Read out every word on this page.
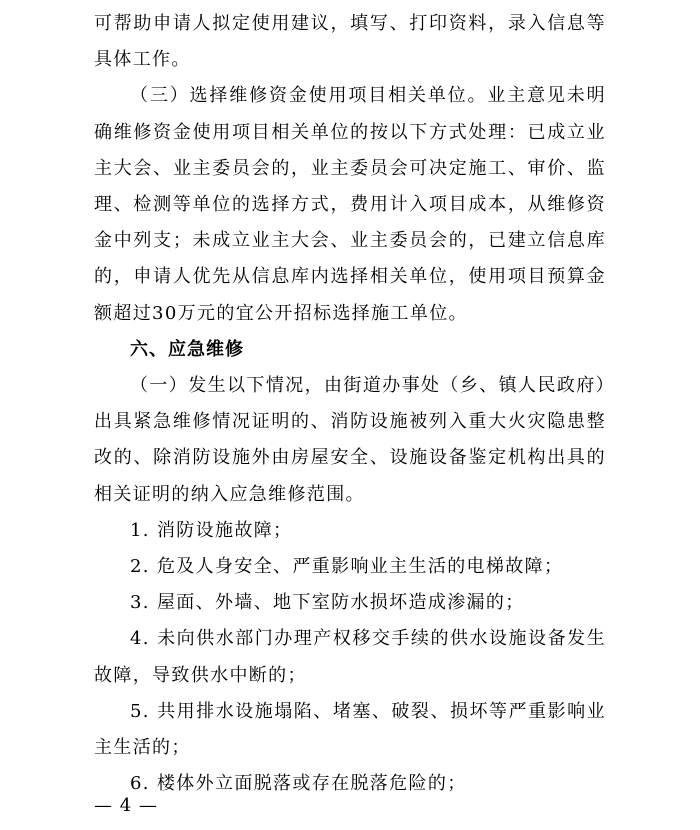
可帮助申请人拟定使用建议，填写、打印资料，录入信息等具体工作。

（三）选择维修资金使用项目相关单位。业主意见未明确维修资金使用项目相关单位的按以下方式处理：已成立业主大会、业主委员会的，业主委员会可决定施工、审价、监理、检测等单位的选择方式，费用计入项目成本，从维修资金中列支；未成立业主大会、业主委员会的，已建立信息库的，申请人优先从信息库内选择相关单位，使用项目预算金额超过30万元的宜公开招标选择施工单位。

六、应急维修

（一）发生以下情况，由街道办事处（乡、镇人民政府）出具紧急维修情况证明的、消防设施被列入重大火灾隐患整改的、除消防设施外由房屋安全、设施设备鉴定机构出具的相关证明的纳入应急维修范围。

1. 消防设施故障；

2. 危及人身安全、严重影响业主生活的电梯故障；

3. 屋面、外墙、地下室防水损坏造成渗漏的；

4. 未向供水部门办理产权移交手续的供水设施设备发生故障，导致供水中断的；

5. 共用排水设施塌陷、堵塞、破裂、损坏等严重影响业主生活的；

6. 楼体外立面脱落或存在脱落危险的；

— 4 —
